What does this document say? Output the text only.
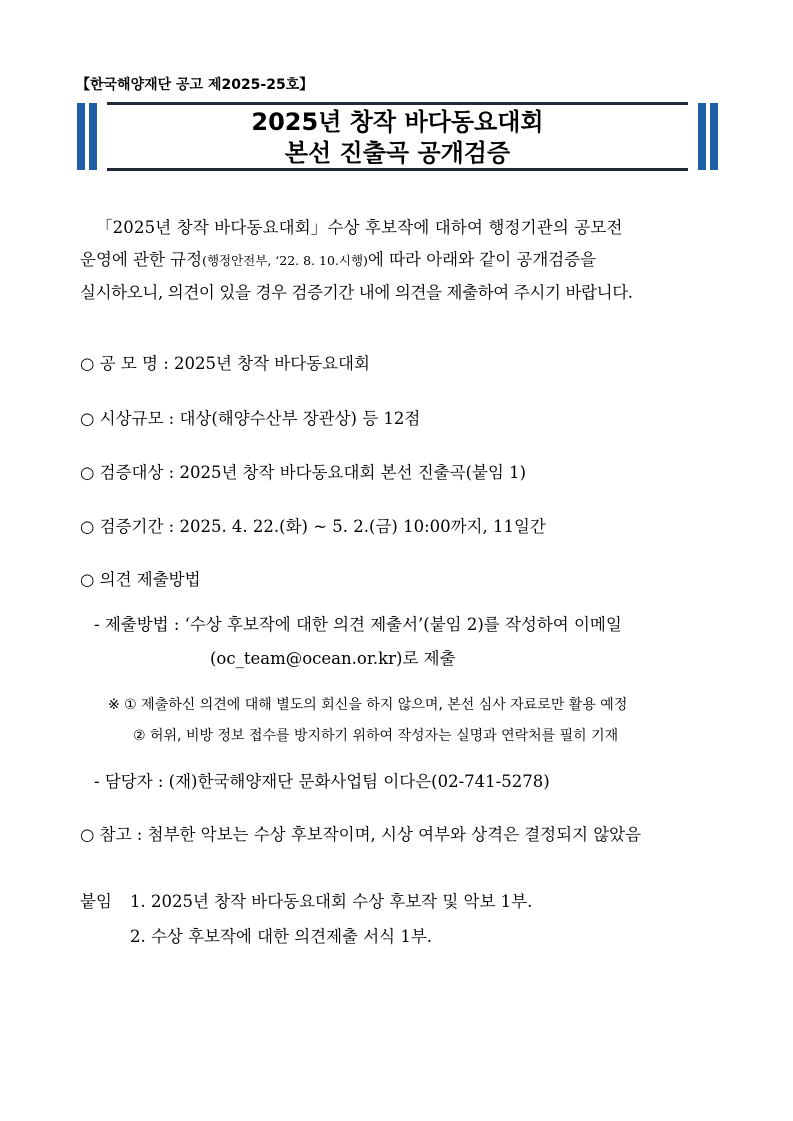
【한국해양재단 공고 제2025-25호】
2025년 창작 바다동요대회
본선 진출곡 공개검증
「2025년 창작 바다동요대회」수상 후보작에 대하여 행정기관의 공모전
운영에 관한 규정(행정안전부, ‘22. 8. 10.시행)에 따라 아래와 같이 공개검증을
실시하오니, 의견이 있을 경우 검증기간 내에 의견을 제출하여 주시기 바랍니다.
○ 공 모 명 : 2025년 창작 바다동요대회
○ 시상규모 : 대상(해양수산부 장관상) 등 12점
○ 검증대상 : 2025년 창작 바다동요대회 본선 진출곡(붙임 1)
○ 검증기간 : 2025. 4. 22.(화) ~ 5. 2.(금) 10:00까지, 11일간
○ 의견 제출방법
- 제출방법 : ‘수상 후보작에 대한 의견 제출서’(붙임 2)를 작성하여 이메일
(oc_team@ocean.or.kr)로 제출
※ ① 제출하신 의견에 대해 별도의 회신을 하지 않으며, 본선 심사 자료로만 활용 예정
② 허위, 비방 정보 접수를 방지하기 위하여 작성자는 실명과 연락처를 필히 기재
- 담당자 : (재)한국해양재단 문화사업팀 이다은(02-741-5278)
○ 참고 : 첨부한 악보는 수상 후보작이며, 시상 여부와 상격은 결정되지 않았음
붙임 1. 2025년 창작 바다동요대회 수상 후보작 및 악보 1부.
2. 수상 후보작에 대한 의견제출 서식 1부.
